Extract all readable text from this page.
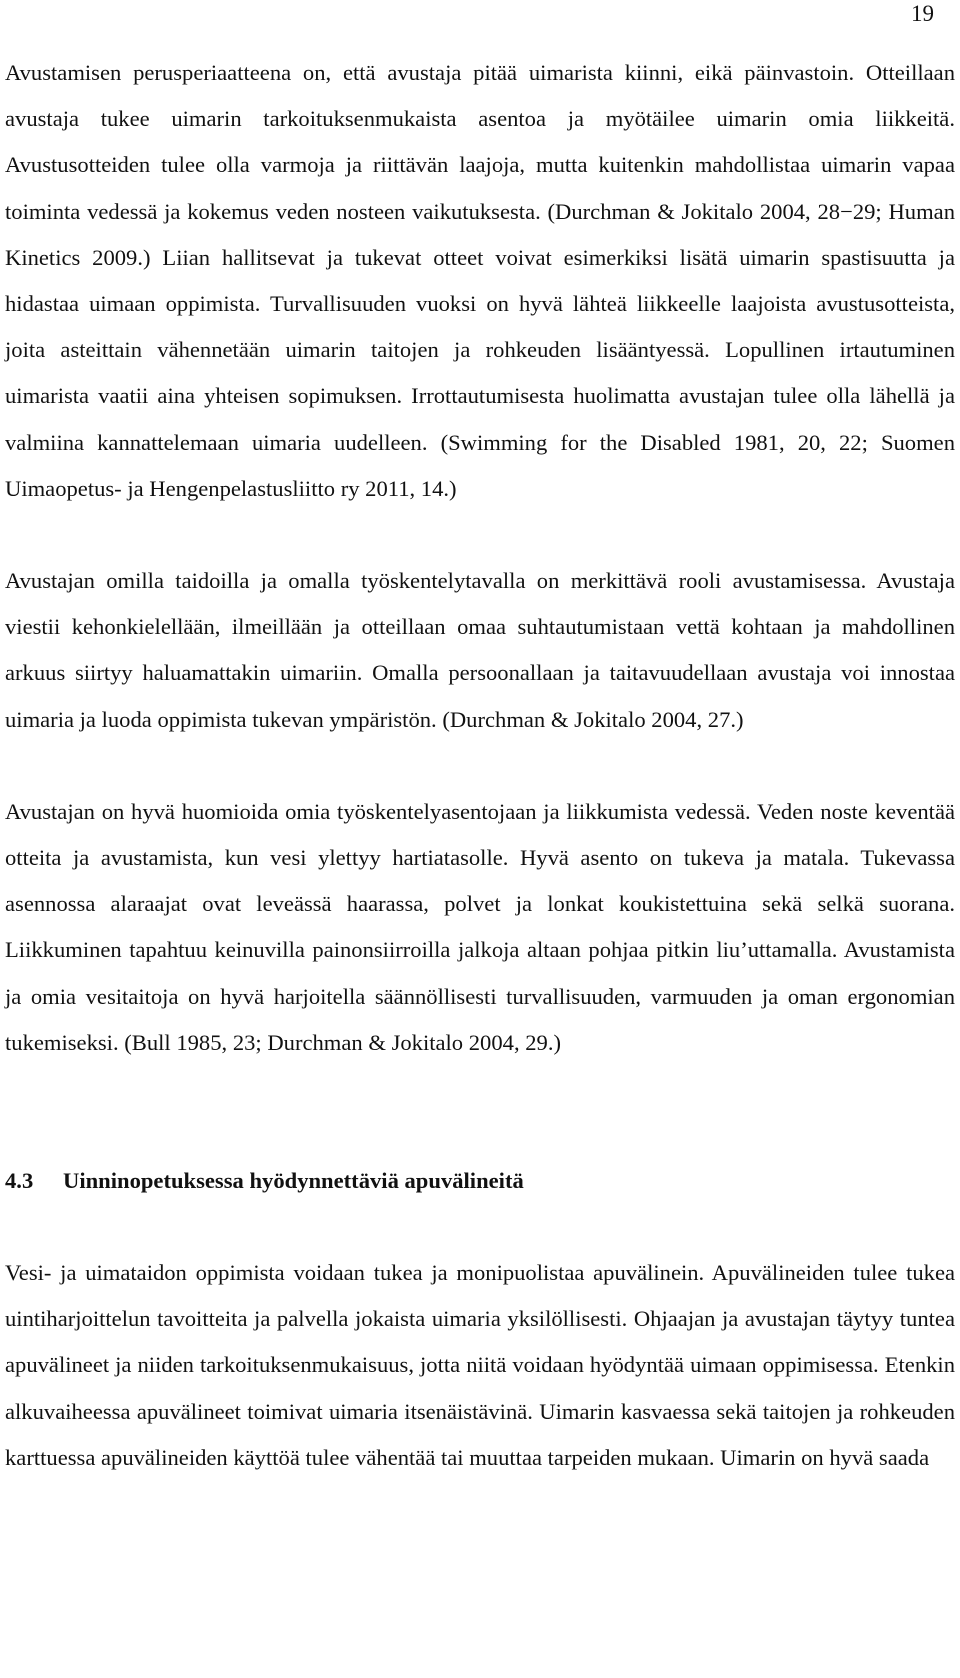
19

Avustamisen perusperiaatteena on, että avustaja pitää uimarista kiinni, eikä päinvastoin. Otteillaan avustaja tukee uimarin tarkoituksenmukaista asentoa ja myötäilee uimarin omia liikkeitä. Avustusotteiden tulee olla varmoja ja riittävän laajoja, mutta kuitenkin mahdollistaa uimarin vapaa toiminta vedessä ja kokemus veden nosteen vaikutuksesta. (Durchman & Jokitalo 2004, 28−29; Human Kinetics 2009.) Liian hallitsevat ja tukevat otteet voivat esimerkiksi lisätä uimarin spastisuutta ja hidastaa uimaan oppimista. Turvallisuuden vuoksi on hyvä lähteä liikkeelle laajoista avustusotteista, joita asteittain vähennetään uimarin taitojen ja rohkeuden lisääntyessä. Lopullinen irtautuminen uimarista vaatii aina yhteisen sopimuksen. Irrottautumisesta huolimatta avustajan tulee olla lähellä ja valmiina kannattelemaan uimaria uudelleen. (Swimming for the Disabled 1981, 20, 22; Suomen Uimaopetus- ja Hengenpelastusliitto ry 2011, 14.)

Avustajan omilla taidoilla ja omalla työskentelytavalla on merkittävä rooli avustamisessa. Avustaja viestii kehonkielellään, ilmeillään ja otteillaan omaa suhtautumistaan vettä kohtaan ja mahdollinen arkuus siirtyy haluamattakin uimariin. Omalla persoonallaan ja taitavuudellaan avustaja voi innostaa uimaria ja luoda oppimista tukevan ympäristön. (Durchman & Jokitalo 2004, 27.)

Avustajan on hyvä huomioida omia työskentelyasentojaan ja liikkumista vedessä. Veden noste keventää otteita ja avustamista, kun vesi ylettyy hartiatasolle. Hyvä asento on tukeva ja matala. Tukevassa asennossa alaraajat ovat leveässä haarassa, polvet ja lonkat koukistettuina sekä selkä suorana. Liikkuminen tapahtuu keinuvilla painonsiirroilla jalkoja altaan pohjaa pitkin liu’uttamalla. Avustamista ja omia vesitaitoja on hyvä harjoitella säännöllisesti turvallisuuden, varmuuden ja oman ergonomian tukemiseksi. (Bull 1985, 23; Durchman & Jokitalo 2004, 29.)

4.3 Uinninopetuksessa hyödynnettäviä apuvälineitä

Vesi- ja uimataidon oppimista voidaan tukea ja monipuolistaa apuvälinein. Apuvälineiden tulee tukea uintiharjoittelun tavoitteita ja palvella jokaista uimaria yksilöllisesti. Ohjaajan ja avustajan täytyy tuntea apuvälineet ja niiden tarkoituksenmukaisuus, jotta niitä voidaan hyödyntää uimaan oppimisessa. Etenkin alkuvaiheessa apuvälineet toimivat uimaria itsenäistävinä. Uimarin kasvaessa sekä taitojen ja rohkeuden karttuessa apuvälineiden käyttöä tulee vähentää tai muuttaa tarpeiden mukaan. Uimarin on hyvä saada
